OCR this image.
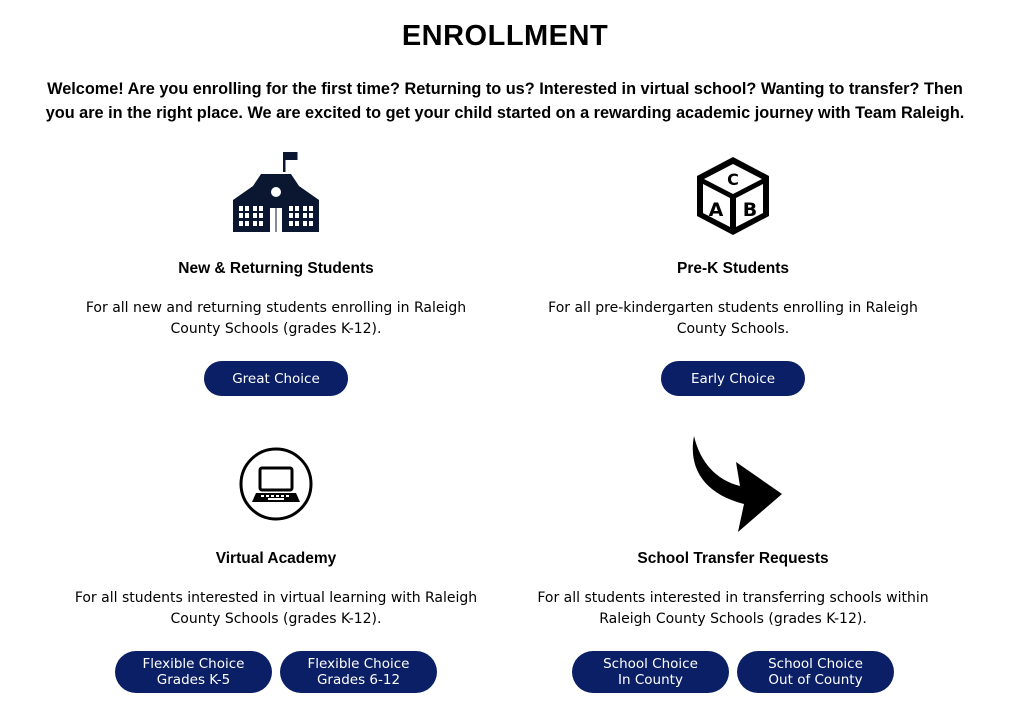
ENROLLMENT
Welcome! Are you enrolling for the first time? Returning to us? Interested in virtual school? Wanting to transfer? Then you are in the right place. We are excited to get your child started on a rewarding academic journey with Team Raleigh.
New & Returning Students

For all new and returning students enrolling in Raleigh County Schools (grades K-12).

Great Choice
C
A B
Pre-K Students

For all pre-kindergarten students enrolling in Raleigh County Schools.

Early Choice
Virtual Academy

For all students interested in virtual learning with Raleigh County Schools (grades K-12).

Flexible Choice
Grades K-5
Flexible Choice
Grades 6-12
School Transfer Requests

For all students interested in transferring schools within Raleigh County Schools (grades K-12).

School Choice
In County
School Choice
Out of County
